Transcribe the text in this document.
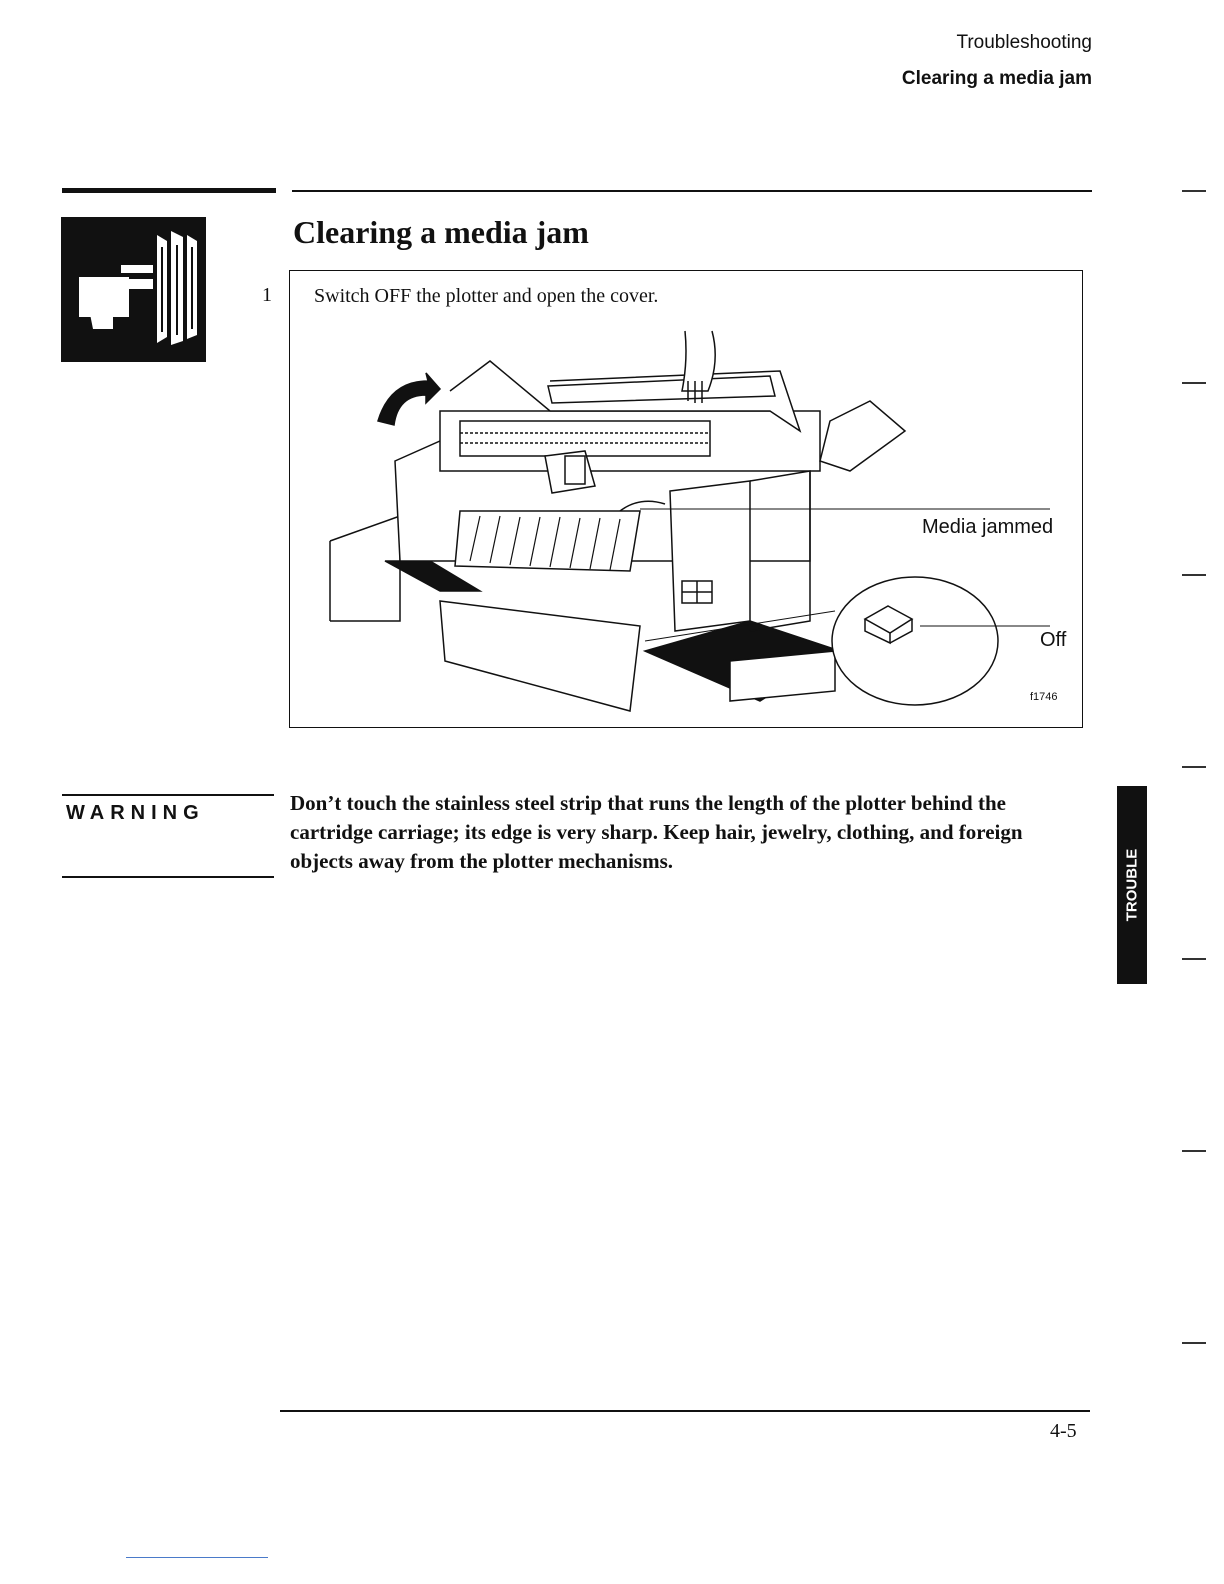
Troubleshooting
Clearing a media jam
Clearing a media jam
1 Switch OFF the plotter and open the cover.
Media jammed
Off
f1746
WARNING	Don’t touch the stainless steel strip that runs the length of the plotter behind the cartridge carriage; its edge is very sharp. Keep hair, jewelry, clothing, and foreign objects away from the plotter mechanisms.	TROUBLE
4-5
